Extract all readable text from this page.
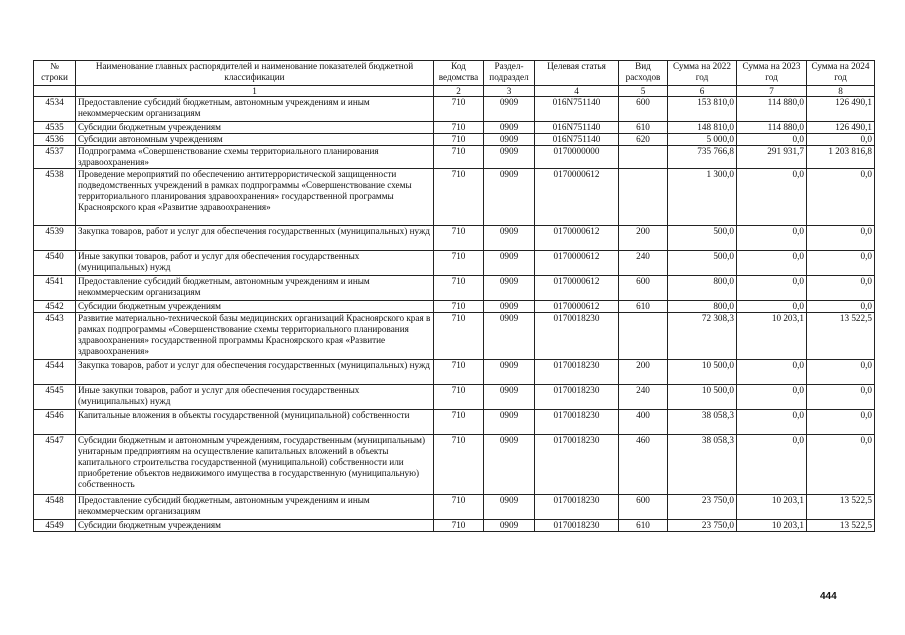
№ строки	Наименование главных распорядителей и наименование показателей бюджетной классификации	Код ведомства	Раздел-подраздел	Целевая статья	Вид расходов	Сумма на 2022 год	Сумма на 2023 год	Сумма на 2024 год
	1	2	3	4	5	6	7	8
4534	Предоставление субсидий бюджетным, автономным учреждениям и иным некоммерческим организациям	710	0909	016N751140	600	153 810,0	114 880,0	126 490,1
4535	Субсидии бюджетным учреждениям	710	0909	016N751140	610	148 810,0	114 880,0	126 490,1
4536	Субсидии автономным учреждениям	710	0909	016N751140	620	5 000,0	0,0	0,0
4537	Подпрограмма «Совершенствование схемы территориального планирования здравоохранения»	710	0909	0170000000		735 766,8	291 931,7	1 203 816,8
4538	Проведение мероприятий по обеспечению антитеррористической защищенности подведомственных учреждений в рамках подпрограммы «Совершенствование схемы территориального планирования здравоохранения» государственной программы Красноярского края «Развитие здравоохранения»	710	0909	0170000612		1 300,0	0,0	0,0
4539	Закупка товаров, работ и услуг для обеспечения государственных (муниципальных) нужд	710	0909	0170000612	200	500,0	0,0	0,0
4540	Иные закупки товаров, работ и услуг для обеспечения государственных (муниципальных) нужд	710	0909	0170000612	240	500,0	0,0	0,0
4541	Предоставление субсидий бюджетным, автономным учреждениям и иным некоммерческим организациям	710	0909	0170000612	600	800,0	0,0	0,0
4542	Субсидии бюджетным учреждениям	710	0909	0170000612	610	800,0	0,0	0,0
4543	Развитие материально-технической базы медицинских организаций Красноярского края в рамках подпрограммы «Совершенствование схемы территориального планирования здравоохранения» государственной программы Красноярского края «Развитие здравоохранения»	710	0909	0170018230		72 308,3	10 203,1	13 522,5
4544	Закупка товаров, работ и услуг для обеспечения государственных (муниципальных) нужд	710	0909	0170018230	200	10 500,0	0,0	0,0
4545	Иные закупки товаров, работ и услуг для обеспечения государственных (муниципальных) нужд	710	0909	0170018230	240	10 500,0	0,0	0,0
4546	Капитальные вложения в объекты государственной (муниципальной) собственности	710	0909	0170018230	400	38 058,3	0,0	0,0
4547	Субсидии бюджетным и автономным учреждениям, государственным (муниципальным) унитарным предприятиям на осуществление капитальных вложений в объекты капитального строительства государственной (муниципальной) собственности или приобретение объектов недвижимого имущества в государственную (муниципальную) собственность	710	0909	0170018230	460	38 058,3	0,0	0,0
4548	Предоставление субсидий бюджетным, автономным учреждениям и иным некоммерческим организациям	710	0909	0170018230	600	23 750,0	10 203,1	13 522,5
4549	Субсидии бюджетным учреждениям	710	0909	0170018230	610	23 750,0	10 203,1	13 522,5
444
